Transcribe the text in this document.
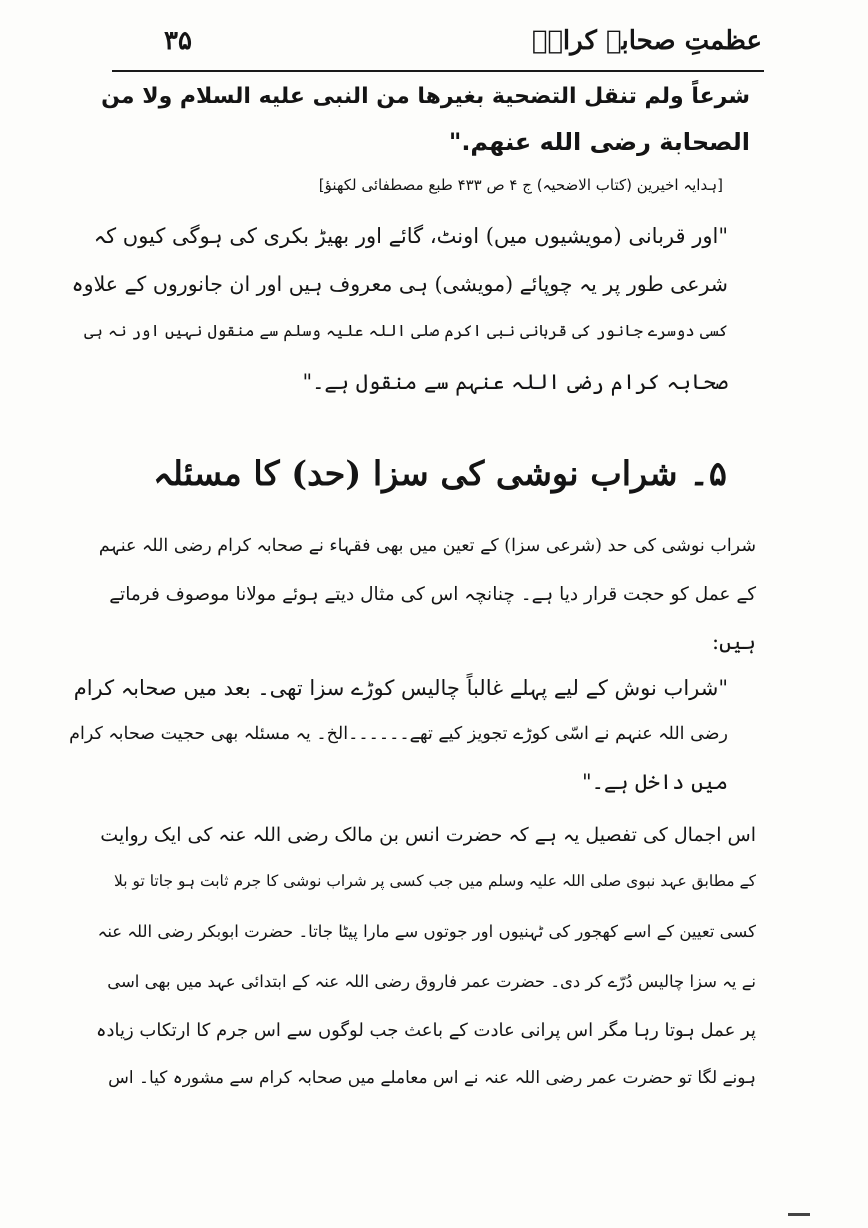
عظمتِ صحابہ کرامؓ
۳۵
شرعاً ولم تنقل التضحية بغيرها من النبى عليه السلام ولا من
الصحابة رضى الله عنهم."
[ہدایہ اخیرین (کتاب الاضحیہ) ج ۴ ص ۴۳۳ طبع مصطفائی لکھنؤ]
"اور قربانی (مویشیوں میں) اونٹ، گائے اور بھیڑ بکری کی ہوگی کیوں کہ
شرعی طور پر یہ چوپائے (مویشی) ہی معروف ہیں اور ان جانوروں کے علاوہ
کسی دوسرے جانور کی قربانی نبی اکرم صلی اللہ علیہ وسلم سے منقول نہیں اور نہ ہی
صحابہ کرام رضی اللہ عنہم سے منقول ہے۔"
۵۔ شراب نوشی کی سزا (حد) کا مسئلہ
شراب نوشی کی حد (شرعی سزا) کے تعین میں بھی فقہاء نے صحابہ کرام رضی اللہ عنہم
کے عمل کو حجت قرار دیا ہے۔ چنانچہ اس کی مثال دیتے ہوئے مولانا موصوف فرماتے
ہیں:
"شراب نوش کے لیے پہلے غالباً چالیس کوڑے سزا تھی۔ بعد میں صحابہ کرام
رضی اللہ عنہم نے اسّی کوڑے تجویز کیے تھے۔۔۔۔۔۔الخ۔ یہ مسئلہ بھی حجیت صحابہ کرام
میں داخل ہے۔"
اس اجمال کی تفصیل یہ ہے کہ حضرت انس بن مالک رضی اللہ عنہ کی ایک روایت
کے مطابق عہد نبوی صلی اللہ علیہ وسلم میں جب کسی پر شراب نوشی کا جرم ثابت ہو جاتا تو بلا
کسی تعیین کے اسے کھجور کی ٹہنیوں اور جوتوں سے مارا پیٹا جاتا۔ حضرت ابوبکر رضی اللہ عنہ
نے یہ سزا چالیس دُرّے کر دی۔ حضرت عمر فاروق رضی اللہ عنہ کے ابتدائی عہد میں بھی اسی
پر عمل ہوتا رہا مگر اس پرانی عادت کے باعث جب لوگوں سے اس جرم کا ارتکاب زیادہ
ہونے لگا تو حضرت عمر رضی اللہ عنہ نے اس معاملے میں صحابہ کرام سے مشورہ کیا۔ اس
